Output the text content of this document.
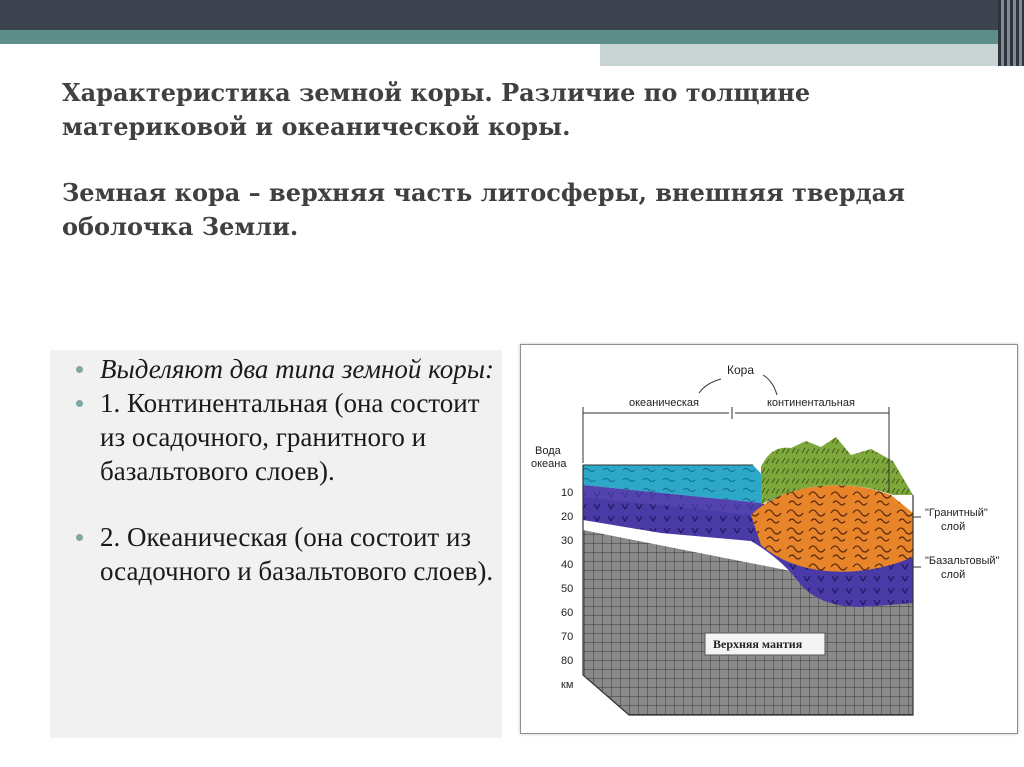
Характеристика земной коры. Различие по толщине материковой и океанической коры.

Земная кора – верхняя часть литосферы, внешняя твердая оболочка Земли.

Выделяют два типа земной коры:
1. Континентальная (она состоит из осадочного, гранитного и базальтового слоев).
2. Океаническая (она состоит из осадочного и базальтового слоев).
Кора
океаническая	континентальная
Вода
океана
10
20
30
40
50
60
70
80
км
"Гранитный"
слой
"Базальтовый"
слой
Верхняя мантия
